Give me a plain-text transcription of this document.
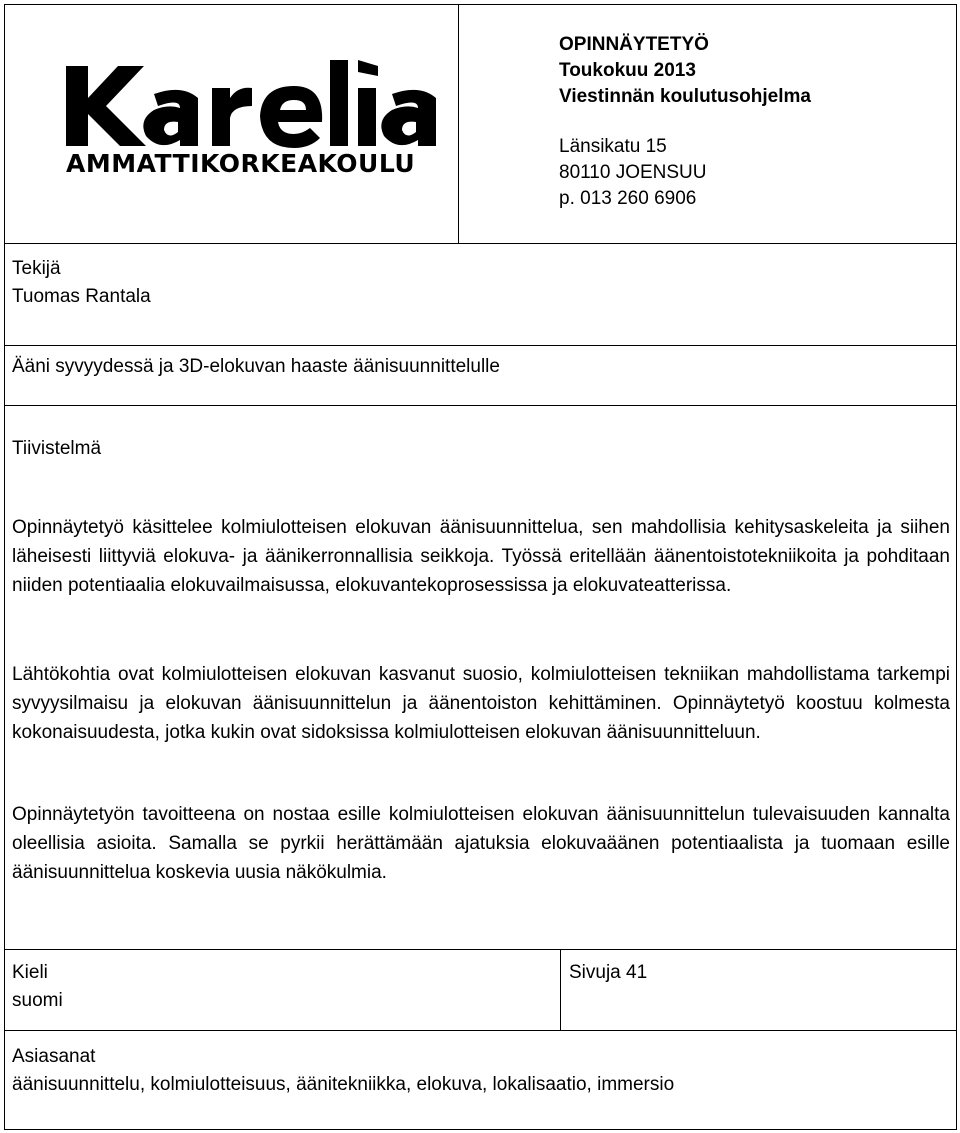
AMMATTIKORKEAKOULU
OPINNÄYTETYÖ
Toukokuu 2013
Viestinnän koulutusohjelma
Länsikatu 15
80110 JOENSUU
p. 013 260 6906
Tekijä
Tuomas Rantala
Ääni syvyydessä ja 3D-elokuvan haaste äänisuunnittelulle
Tiivistelmä
Opinnäytetyö käsittelee kolmiulotteisen elokuvan äänisuunnittelua, sen mahdollisia kehitysaskeleita ja siihen läheisesti liittyviä elokuva- ja äänikerronnallisia seikkoja. Työssä eritellään äänentoistotekniikoita ja pohditaan niiden potentiaalia elokuvailmaisussa, elokuvantekoprosessissa ja elokuvateatterissa.
Lähtökohtia ovat kolmiulotteisen elokuvan kasvanut suosio, kolmiulotteisen tekniikan mahdollistama tarkempi syvyysilmaisu ja elokuvan äänisuunnittelun ja äänentoiston kehittäminen. Opinnäytetyö koostuu kolmesta kokonaisuudesta, jotka kukin ovat sidoksissa kolmiulotteisen elokuvan äänisuunnitteluun.
Opinnäytetyön tavoitteena on nostaa esille kolmiulotteisen elokuvan äänisuunnittelun tulevaisuuden kannalta oleellisia asioita. Samalla se pyrkii herättämään ajatuksia elokuvaäänen potentiaalista ja tuomaan esille äänisuunnittelua koskevia uusia näkökulmia.
Kieli
suomi
Sivuja 41
Asiasanat
äänisuunnittelu, kolmiulotteisuus, äänitekniikka, elokuva, lokalisaatio, immersio
